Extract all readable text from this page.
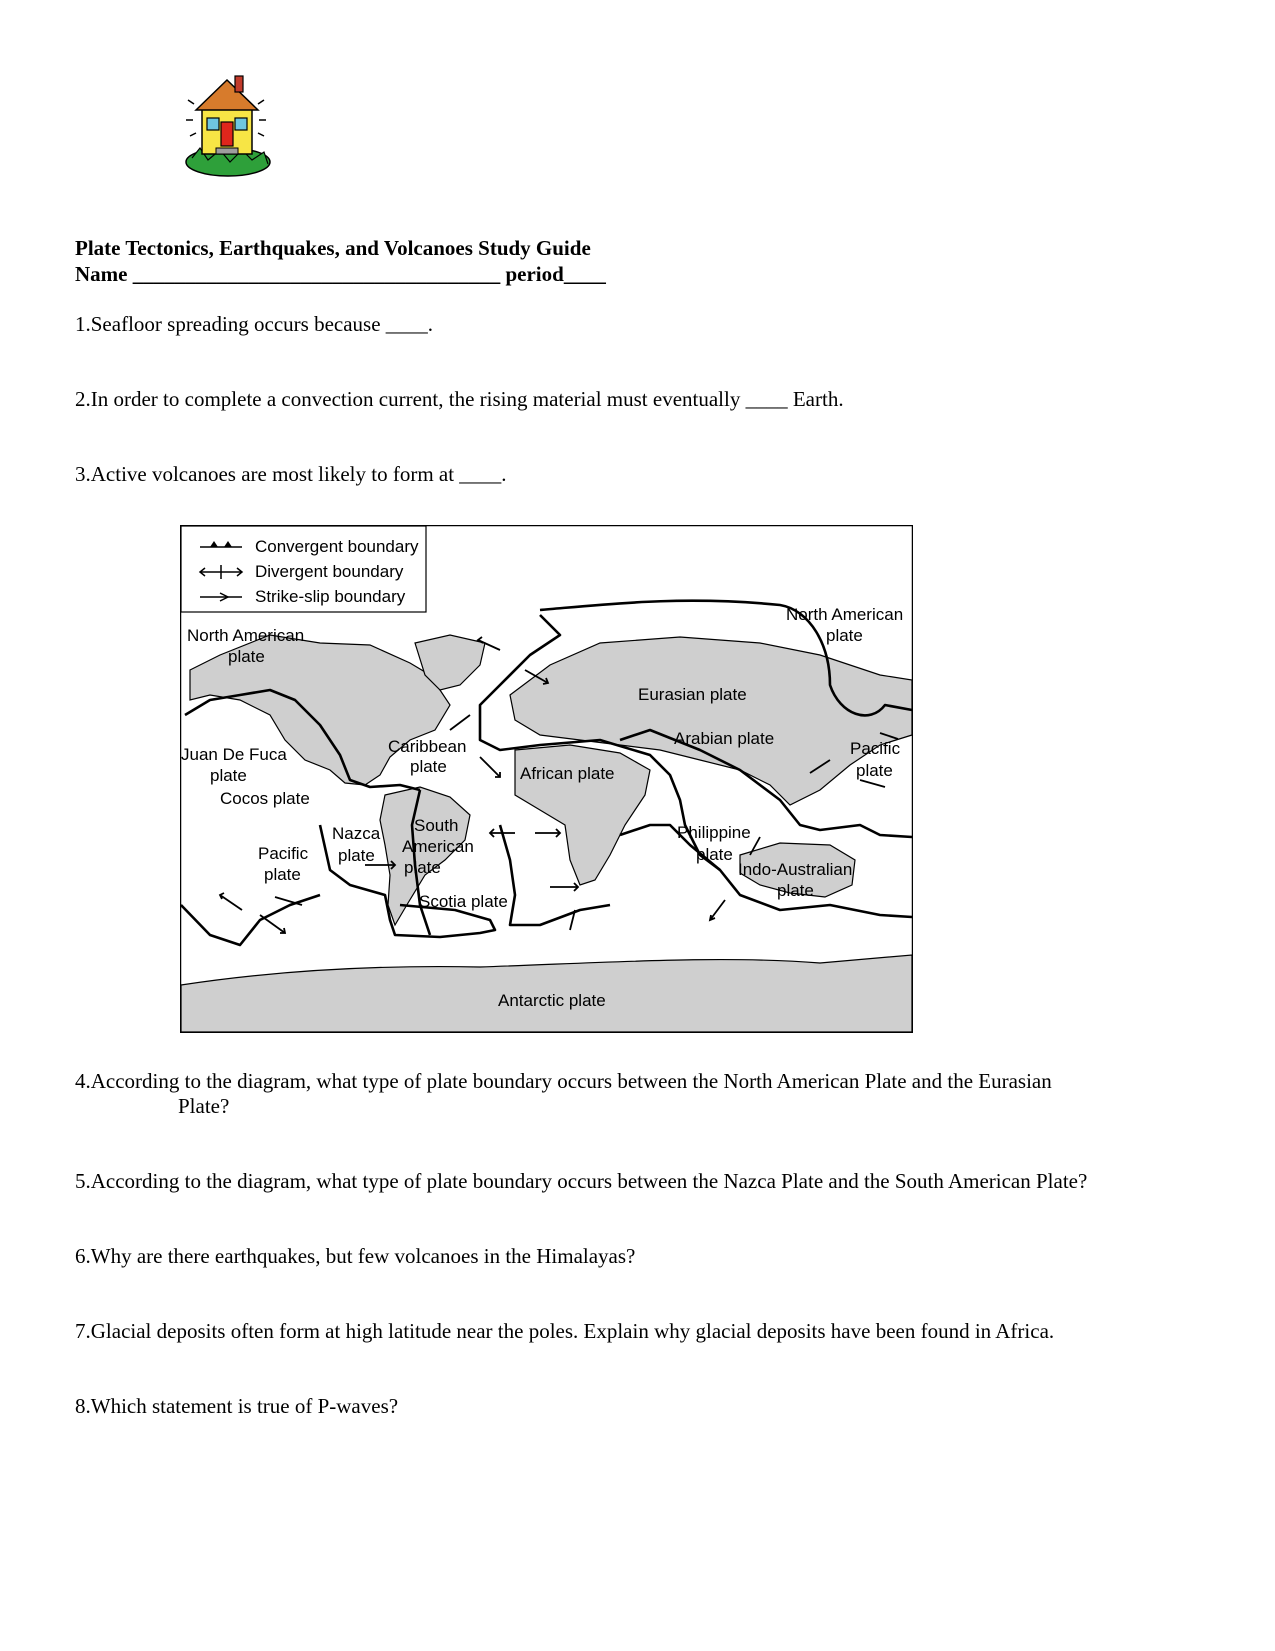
Plate Tectonics, Earthquakes, and Volcanoes Study Guide
Name ___________________________________ period____
1.Seafloor spreading occurs because ____.
2.In order to complete a convection current, the rising material must eventually ____ Earth.
3.Active volcanoes are most likely to form at ____.
Convergent boundary
Divergent boundary
Strike-slip boundary
North American
plate
North American
plate
Eurasian plate
Arabian plate
Caribbean
plate	African plate
Juan De Fuca
plate
Cocos plate
Pacific
plate
Nazca
plate
South
American
plate
Pacific
plate
Philippine
plate
Indo-Australian
plate
Scotia plate
Antarctic plate
4.According to the diagram, what type of plate boundary occurs between the North American Plate and the Eurasian
Plate?
5.According to the diagram, what type of plate boundary occurs between the Nazca Plate and the South American Plate?
6.Why are there earthquakes, but few volcanoes in the Himalayas?
7.Glacial deposits often form at high latitude near the poles. Explain why glacial deposits have been found in Africa.
8.Which statement is true of P-waves?
